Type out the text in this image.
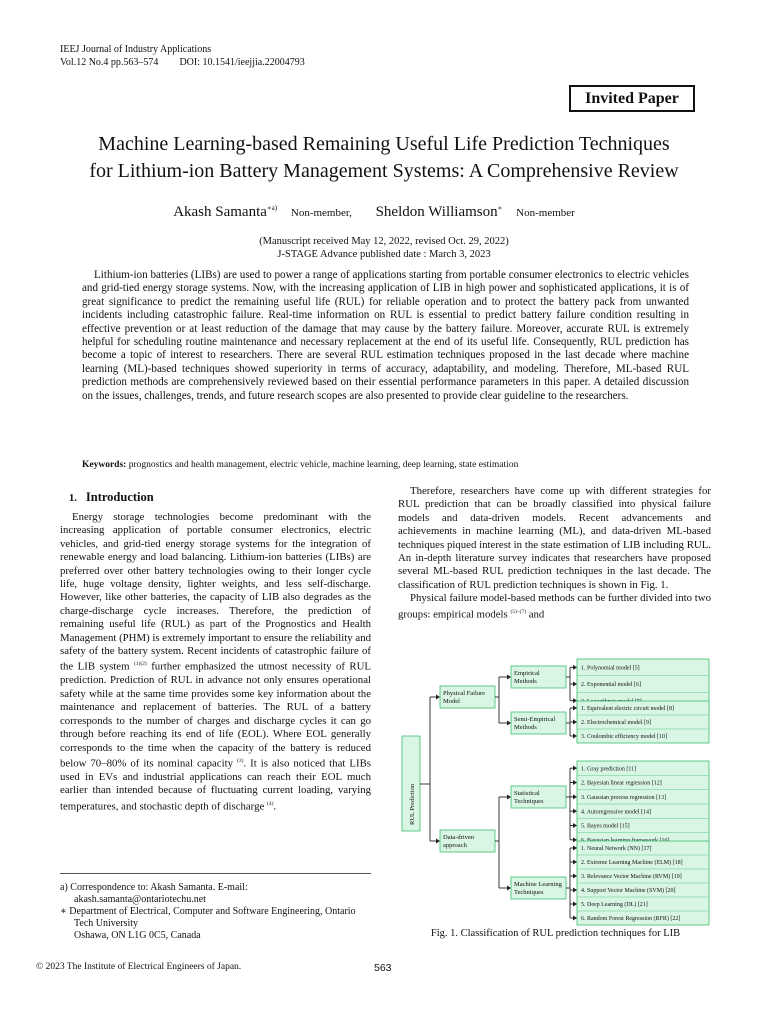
IEEJ Journal of Industry Applications
Vol.12 No.4 pp.563–574 DOI: 10.1541/ieejjia.22004793
Invited Paper
Machine Learning-based Remaining Useful Life Prediction Techniques
for Lithium-ion Battery Management Systems: A Comprehensive Review
Akash Samanta$^{∗a)}$ Non-member, Sheldon Williamson∗ Non-member
(Manuscript received May 12, 2022, revised Oct. 29, 2022)
J-STAGE Advance published date : March 3, 2023
Lithium-ion batteries (LIBs) are used to power a range of applications starting from portable consumer electronics to electric vehicles and grid-tied energy storage systems. Now, with the increasing application of LIB in high power and sophisticated applications, it is of great significance to predict the remaining useful life (RUL) for reliable operation and to protect the battery pack from unwanted incidents including catastrophic failure. Real-time information on RUL is essential to predict battery failure condition resulting in effective prevention or at least reduction of the damage that may cause by the battery failure. Moreover, accurate RUL is extremely helpful for scheduling routine maintenance and necessary replacement at the end of its useful life. Consequently, RUL prediction has become a topic of interest to researchers. There are several RUL estimation techniques proposed in the last decade where machine learning (ML)-based techniques showed superiority in terms of accuracy, adaptability, and modeling. Therefore, ML-based RUL prediction methods are comprehensively reviewed based on their essential performance parameters in this paper. A detailed discussion on the issues, challenges, trends, and future research scopes are also presented to provide clear guideline to the researchers.
Keywords: prognostics and health management, electric vehicle, machine learning, deep learning, state estimation
1. Introduction

Energy storage technologies become predominant with the increasing application of portable consumer electronics, electric vehicles, and grid-tied energy storage systems for the integration of renewable energy and load balancing. Lithium-ion batteries (LIBs) are preferred over other battery technologies owing to their longer cycle life, huge voltage density, lighter weights, and less self-discharge. However, like other batteries, the capacity of LIB also degrades as the charge-discharge cycle increases. Therefore, the prediction of remaining useful life (RUL) as part of the Prognostics and Health Management (PHM) is extremely important to ensure the reliability and safety of the battery system. Recent incidents of catastrophic failure of the LIB system $^{(1)(2)}$ further emphasized the utmost necessity of RUL prediction. Prediction of RUL in advance not only ensures operational safety while at the same time provides some key information about the maintenance and replacement of batteries. The RUL of a battery corresponds to the number of charges and discharge cycles it can go through before reaching its end of life (EOL). Where EOL generally corresponds to the time when the capacity of the battery is reduced below 70–80% of its nominal capacity $^{(3)}$. It is also noticed that LIBs used in EVs and industrial applications can reach their EOL much earlier than intended because of fluctuating current loading, varying temperatures, and stochastic depth of discharge $^{(4)}$.

a) Correspondence to: Akash Samanta. E-mail: akash.samanta@ontariotechu.net
∗ Department of Electrical, Computer and Software Engineering, Ontario Tech University
Oshawa, ON L1G 0C5, Canada

Therefore, researchers have come up with different strategies for RUL prediction that can be broadly classified into physical failure models and data-driven models. Recent advancements and achievements in machine learning (ML), and data-driven ML-based techniques piqued interest in the state estimation of LIB including RUL. An in-depth literature survey indicates that researchers have proposed several ML-based RUL prediction techniques in the last decade. The classification of RUL prediction techniques is shown in Fig. 1.

Physical failure model-based methods can be further divided into two groups: empirical models $^{(5)-(7)}$ and

RUL Prediction
Physical Failure
Model
Empirical
Methods
1. Polynomial model [5]
2. Exponential model [6]
Semi-Empirical
Methods
1. Equivalent electric circuit model [8]
2. Electrochemical model [9]
3. Coulombic efficiency model [10]
Data-driven
approach
Statistical
Techniques
1. Gray prediction [11]
2. Bayesian linear regression [12]
3. Gaussian process regression [13]
4. Autoregressive model [14]
5. Bayes model [15]
Machine Learning
Techniques
1. Neural Network (NN) [17]
2. Extreme Learning Machine (ELM) [18]
3. Relevance Vector Machine (RVM) [19]
4. Support Vector Machine (SVM) [20]
5. Deep Learning (DL) [21]
6. Random Forest Regression (RFR) [22]
Fig. 1. Classification of RUL prediction techniques for LIB
© 2023 The Institute of Electrical Engineers of Japan.	563
